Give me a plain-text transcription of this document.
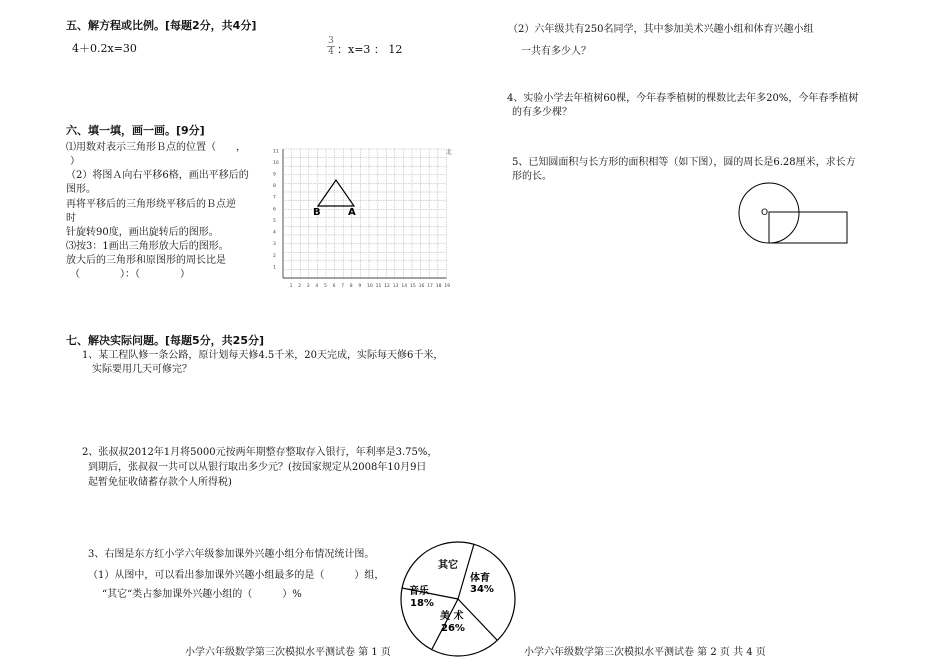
五、解方程或比例。[每题2分，共4分]
4＋0.2x=30
3
4 ：x=3 ： 12
六、填一填，画一画。[9分]
⑴用数对表示三角形Ｂ点的位置（　　，
）
（2）将图Ａ向右平移6格，画出平移后的
图形。
再将平移后的三角形绕平移后的Ｂ点逆
时
针旋转90度，画出旋转后的图形。
⑶按3：1画出三角形放大后的图形。
放大后的三角形和原图形的周长比是
（　　　　）：（　　　　）
1 2 3 4 5 6 7 8 9 10 11 12 13 14 15 16 17 18 19
1
2
3
4
5
6
7
8
9
10
11
B	A
北
七、解决实际问题。[每题5分，共25分]
1、某工程队修一条公路，原计划每天修4.5千米，20天完成，实际每天修6千米，
实际要用几天可修完？
2、张叔叔2012年1月将5000元按两年期整存整取存入银行，年利率是3.75%，
到期后，张叔叔一共可以从银行取出多少元？(按国家规定从2008年10月9日
起暂免征收储蓄存款个人所得税)
3、右图是东方红小学六年级参加课外兴趣小组分布情况统计图。
（1）从图中，可以看出参加课外兴趣小组最多的是（　　　）组，
“其它“类占参加课外兴趣小组的（　　　）%
其它
体育
34%
音乐
18%
美 术
26%
小学六年级数学第三次模拟水平测试卷 第 1 页
（2）六年级共有250名同学，其中参加美术兴趣小组和体育兴趣小组
一共有多少人？
4、实验小学去年植树60棵，今年春季植树的棵数比去年多20%，今年春季植树
的有多少棵？
5、已知圆面积与长方形的面积相等（如下图），圆的周长是6.28厘米，求长方
形的长。
O
小学六年级数学第三次模拟水平测试卷 第 2 页 共 4 页
